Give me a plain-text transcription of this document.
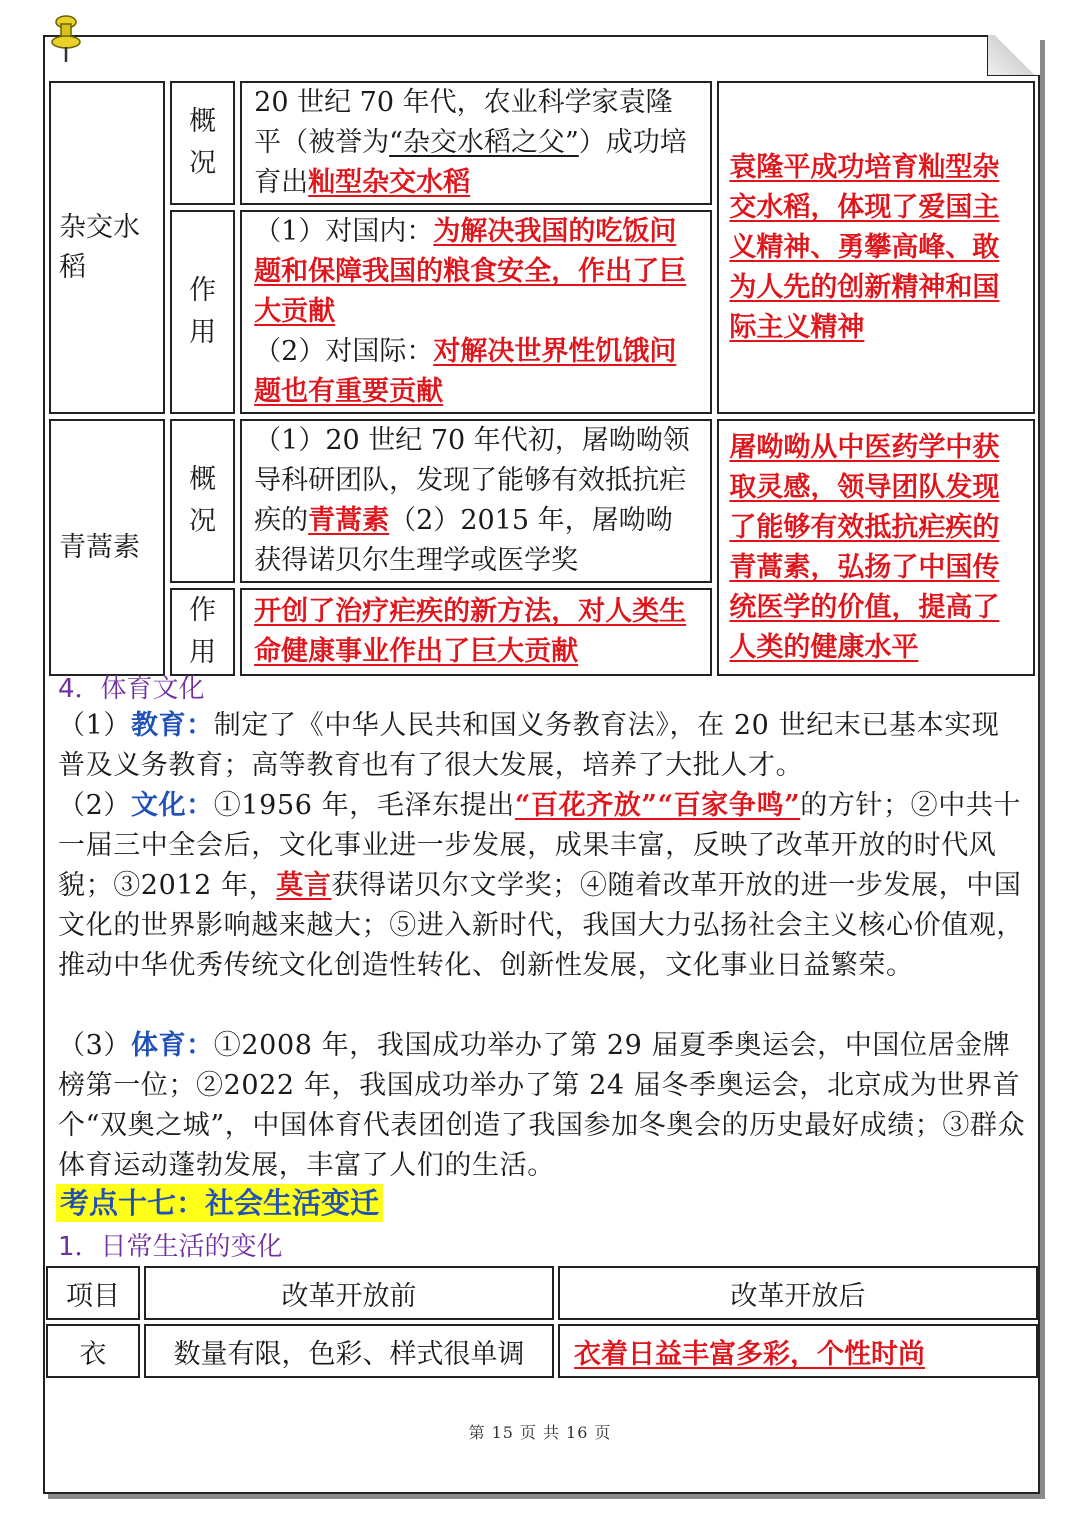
杂交水稻	概况	20 世纪 70 年代，农业科学家袁隆平（被誉为“杂交水稻之父”）成功培育出籼型杂交水稻	袁隆平成功培育籼型杂交水稻，体现了爱国主义精神、勇攀高峰、敢为人先的创新精神和国际主义精神

	作用	（1）对国内：为解决我国的吃饭问题和保障我国的粮食安全，作出了巨大贡献
（2）对国际：对解决世界性饥饿问题也有重要贡献	
青蒿素	概况	（1）20 世纪 70 年代初，屠呦呦领导科研团队，发现了能够有效抵抗疟疾的青蒿素（2）2015 年，屠呦呦获得诺贝尔生理学或医学奖	屠呦呦从中医药学中获取灵感，领导团队发现了能够有效抵抗疟疾的青蒿素，弘扬了中国传统医学的价值，提高了人类的健康水平

	作用	开创了治疗疟疾的新方法，对人类生命健康事业作出了巨大贡献	
4．体育文化
（1）教育：制定了《中华人民共和国义务教育法》，在 20 世纪末已基本实现普及义务教育；高等教育也有了很大发展，培养了大批人才。
（2）文化：①1956 年，毛泽东提出“百花齐放”“百家争鸣”的方针；②中共十一届三中全会后，文化事业进一步发展，成果丰富，反映了改革开放的时代风貌；③2012 年，莫言获得诺贝尔文学奖；④随着改革开放的进一步发展，中国文化的世界影响越来越大；⑤进入新时代，我国大力弘扬社会主义核心价值观，推动中华优秀传统文化创造性转化、创新性发展，文化事业日益繁荣。
（3）体育：①2008 年，我国成功举办了第 29 届夏季奥运会，中国位居金牌榜第一位；②2022 年，我国成功举办了第 24 届冬季奥运会，北京成为世界首个“双奥之城”，中国体育代表团创造了我国参加冬奥会的历史最好成绩；③群众体育运动蓬勃发展，丰富了人们的生活。
考点十七：社会生活变迁
1．日常生活的变化
项目	改革开放前	改革开放后
衣	数量有限，色彩、样式很单调	衣着日益丰富多彩，个性时尚
第 15 页 共 16 页
